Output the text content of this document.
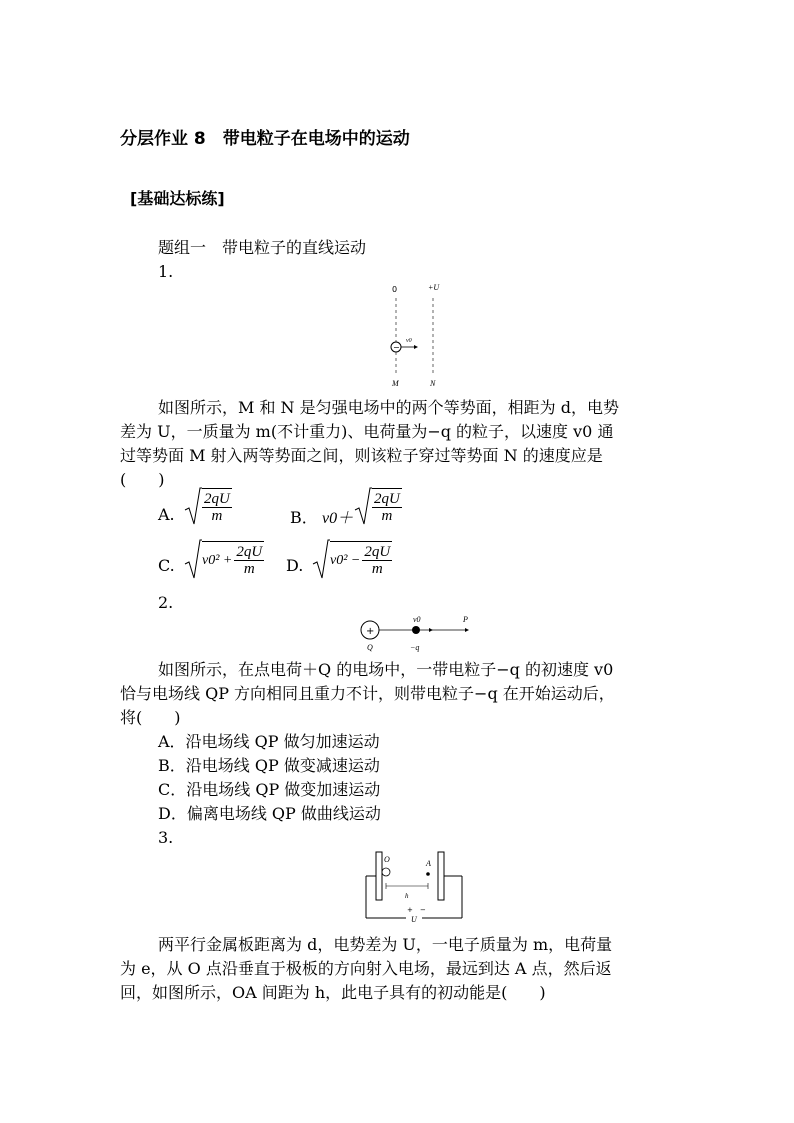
分层作业 8　带电粒子在电场中的运动
[基础达标练]
题组一　带电粒子的直线运动
1.
0	+U
−
v0
M	N
如图所示，M 和 N 是匀强电场中的两个等势面，相距为 d，电势
差为 U，一质量为 m(不计重力)、电荷量为−q 的粒子，以速度 v0 通
过等势面 M 射入两等势面之间，则该粒子穿过等势面 N 的速度应是
(　　)
A. $\frac{2qU}{m}$	B． $v0+ \frac{2qU}{m}$
C. $v0^2 + \frac{2qU}{m} D$. $v0^2 - \frac{2qU}{m}$
2.
+
v0	P
Q	−q
如图所示，在点电荷＋Q 的电场中，一带电粒子−q 的初速度 v0
恰与电场线 QP 方向相同且重力不计，则带电粒子−q 在开始运动后，
将(　　)
A．沿电场线 QP 做匀加速运动
B．沿电场线 QP 做变减速运动
C．沿电场线 QP 做变加速运动
D．偏离电场线 QP 做曲线运动
3.
+ −
U
O	A
h
两平行金属板距离为 d，电势差为 U，一电子质量为 m，电荷量
为 e，从 O 点沿垂直于极板的方向射入电场，最远到达 A 点，然后返
回，如图所示，OA 间距为 h，此电子具有的初动能是(　　)
